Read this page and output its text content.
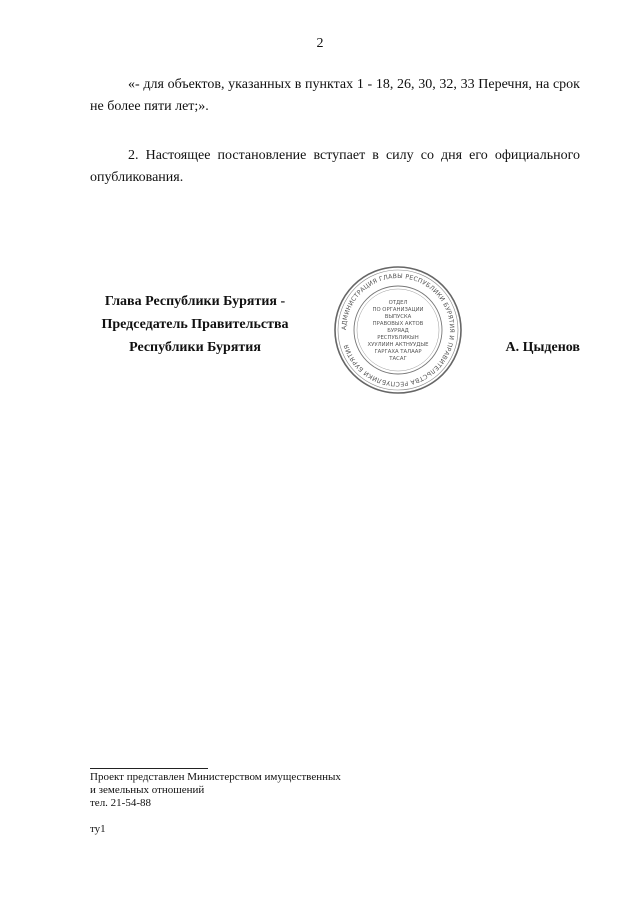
2
«- для объектов, указанных в пунктах 1 - 18, 26, 30, 32, 33 Перечня, на срок не более пяти лет;».
2. Настоящее постановление вступает в силу со дня его официального опубликования.
Глава Республики Бурятия -
Председатель Правительства
Республики Бурятия
АДМИНИСТРАЦИЯ ГЛАВЫ РЕСПУБЛИКИ БУРЯТИЯ И ПРАВИТЕЛЬСТВА РЕСПУБЛИКИ БУРЯТИЯ
ОТДЕЛ
ПО ОРГАНИЗАЦИИ
ВЫПУСКА
ПРАВОВЫХ АКТОВ
БУРЯАД
РЕСПУБЛИКЫН
ХУУЛИИН АКТНУУДЫЕ
ГАРГАХА ТАЛААР
ТАСАГ
А. Цыденов
Проект представлен Министерством имущественных
и земельных отношений
тел. 21-54-88
ту1
